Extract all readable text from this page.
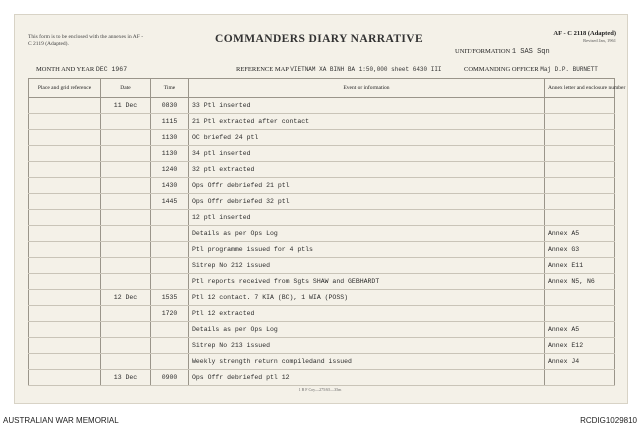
This form is to be enclosed with the annexes in AF - C 2119 (Adapted).
AF - C 2118 (Adapted)
Revised Jan, 1961
COMMANDERS DIARY NARRATIVE
UNIT/FORMATION 1 SAS Sqn
MONTH AND YEAR DEC 1967	REFERENCE MAP VIETNAM XA BINH BA 1:50,000 sheet 6430 III	COMMANDING OFFICER Maj D.P. BURNETT
Place and grid reference	Date	Time	Event or information	Annex letter and enclosure number
	11 Dec	0830	33 Ptl inserted	
		1115	21 Ptl extracted after contact	
		1130	OC briefed 24 ptl	
		1130	34 ptl inserted	
		1240	32 ptl extracted	
		1430	Ops Offr debriefed 21 ptl	
		1445	Ops Offr debriefed 32 ptl	
			12 ptl inserted	
			Details as per Ops Log	Annex A5
			Ptl programme issued for 4 ptls	Annex G3
			Sitrep No 212 issued	Annex E11
			Ptl reports received from Sgts SHAW and GEBHARDT	Annex N5, N6
	12 Dec	1535	Ptl 12 contact. 7 KIA (BC), 1 WIA (POSS)	
		1720	Ptl 12 extracted	
			Details as per Ops Log	Annex A5
			Sitrep No 213 issued	Annex E12
			Weekly strength return compiledand issued	Annex J4
	13 Dec	0900	Ops Offr debriefed ptl 12	
1 B F Coy—275/65—35m
AUSTRALIAN WAR MEMORIAL	RCDIG1029810
